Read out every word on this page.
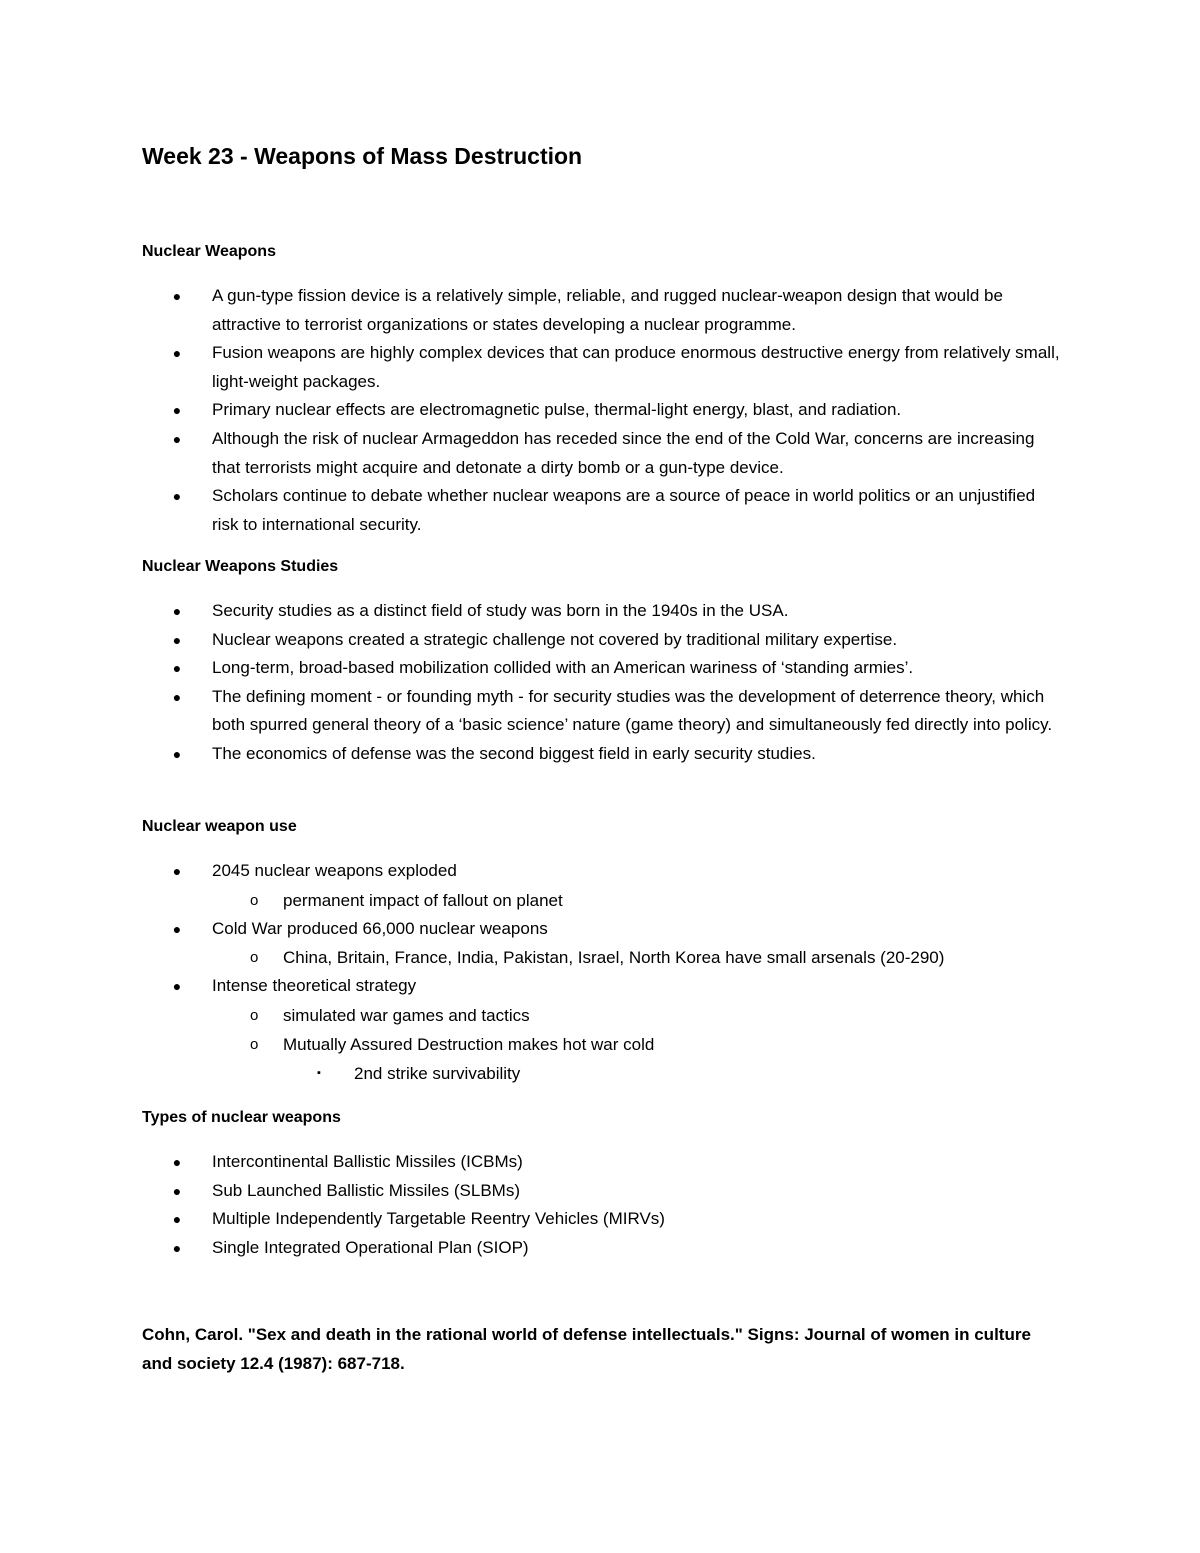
Week 23 - Weapons of Mass Destruction
Nuclear Weapons
● A gun-type fission device is a relatively simple, reliable, and rugged nuclear-weapon design that would be attractive to terrorist organizations or states developing a nuclear programme.
● Fusion weapons are highly complex devices that can produce enormous destructive energy from relatively small, light-weight packages.
● Primary nuclear effects are electromagnetic pulse, thermal-light energy, blast, and radiation.
● Although the risk of nuclear Armageddon has receded since the end of the Cold War, concerns are increasing that terrorists might acquire and detonate a dirty bomb or a gun-type device.
● Scholars continue to debate whether nuclear weapons are a source of peace in world politics or an unjustified risk to international security.
Nuclear Weapons Studies
● Security studies as a distinct field of study was born in the 1940s in the USA.
● Nuclear weapons created a strategic challenge not covered by traditional military expertise.
● Long-term, broad-based mobilization collided with an American wariness of ‘standing armies’.
● The defining moment - or founding myth - for security studies was the development of deterrence theory, which both spurred general theory of a ‘basic science’ nature (game theory) and simultaneously fed directly into policy.
● The economics of defense was the second biggest field in early security studies.
Nuclear weapon use
● 2045 nuclear weapons exploded
o permanent impact of fallout on planet
● Cold War produced 66,000 nuclear weapons
o China, Britain, France, India, Pakistan, Israel, North Korea have small arsenals (20-290)
● Intense theoretical strategy
o simulated war games and tactics
o Mutually Assured Destruction makes hot war cold
▪ 2nd strike survivability
Types of nuclear weapons
● Intercontinental Ballistic Missiles (ICBMs)
● Sub Launched Ballistic Missiles (SLBMs)
● Multiple Independently Targetable Reentry Vehicles (MIRVs)
● Single Integrated Operational Plan (SIOP)

Cohn, Carol. "Sex and death in the rational world of defense intellectuals." Signs: Journal of women in culture and society 12.4 (1987): 687-718.
